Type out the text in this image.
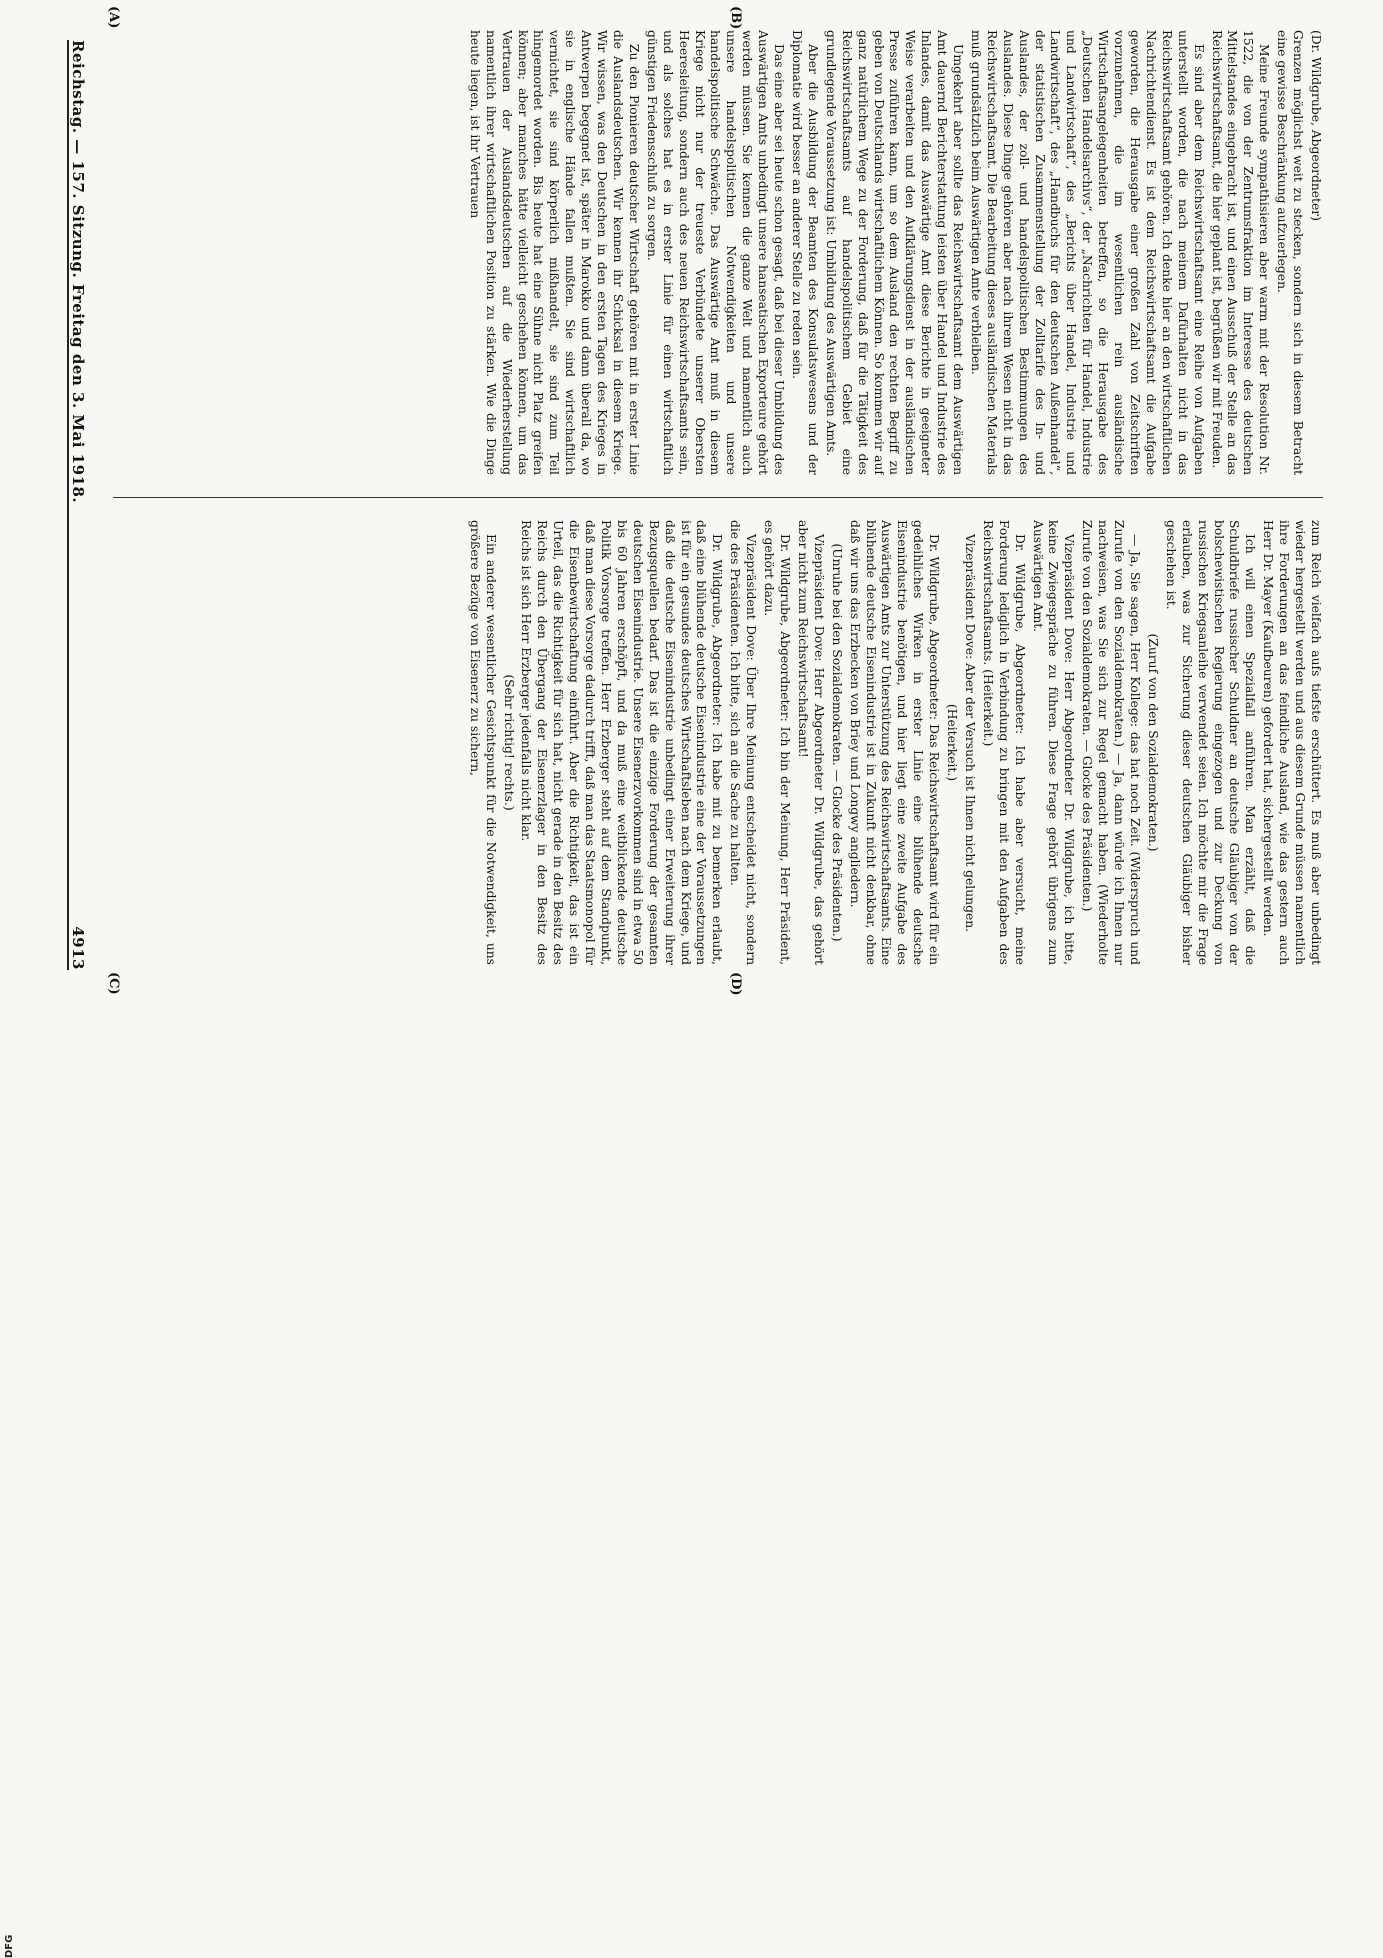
DFG
Reichstag. — 157. Sitzung. Freitag den 3. Mai 1918.
4913
(A)	(B)
(C)	(D)

(Dr. Wildgrube, Abgeordneter)

Grenzen möglichst weit zu stecken, sondern sich in diesem Betracht eine gewisse Beschränkung aufzuerlegen.

Meine Freunde sympathisieren aber warm mit der Resolution Nr. 1522, die von der Zentrumsfraktion im Interesse des deutschen Mittelstandes eingebracht ist, und einen Ausschuß der Stelle an das Reichswirtschaftsamt, die hier geplant ist, begrüßen wir mit Freuden.

Es sind aber dem Reichswirtschaftsamt eine Reihe von Aufgaben unterstellt worden, die nach meinem Dafürhalten nicht in das Reichswirtschaftsamt gehören. Ich denke hier an den wirtschaftlichen Nachrichtendienst. Es ist dem Reichswirtschaftsamt die Aufgabe geworden, die Herausgabe einer großen Zahl von Zeitschriften vorzunehmen, die im wesentlichen rein ausländische Wirtschaftsangelegenheiten betreffen, so die Herausgabe des „Deutschen Handelsarchivs“, der „Nachrichten für Handel, Industrie und Landwirtschaft“, des „Berichts über Handel, Industrie und Landwirtschaft“, des „Handbuchs für den deutschen Außenhandel“, der statistischen Zusammenstellung der Zolltarife des In- und Auslandes, der zoll- und handelspolitischen Bestimmungen des Auslandes. Diese Dinge gehören aber nach ihrem Wesen nicht in das Reichswirtschaftsamt. Die Bearbeitung dieses ausländischen Materials muß grundsätzlich beim Auswärtigen Amte verbleiben.

Umgekehrt aber sollte das Reichswirtschaftsamt dem Auswärtigen Amt dauernd Berichterstattung leisten über Handel und Industrie des Inlandes, damit das Auswärtige Amt diese Berichte in geeigneter Weise verarbeiten und den Aufklärungsdienst in der ausländischen Presse zuführen kann, um so dem Ausland den rechten Begriff zu geben von Deutschlands wirtschaftlichem Können. So kommen wir auf ganz natürlichem Wege zu der Forderung, daß für die Tätigkeit des Reichswirtschaftsamts auf handelspolitischem Gebiet eine grundlegende Voraussetzung ist: Umbildung des Auswärtigen Amts.

Aber die Ausbildung der Beamten des Konsulatswesens und der Diplomatie wird besser an anderer Stelle zu reden sein.

Das eine aber sei heute schon gesagt, daß bei dieser Umbildung des Auswärtigen Amts unbedingt unsere hanseatischen Exporteure gehört werden müssen. Sie kennen die ganze Welt und namentlich auch unsere handelspolitischen Notwendigkeiten und unsere handelspolitische Schwäche. Das Auswärtige Amt muß in diesem Kriege nicht nur der treueste Verbündete unserer Obersten Heeresleitung, sondern auch des neuen Reichswirtschaftsamts sein, und als solches hat es in erster Linie für einen wirtschaftlich günstigen Friedensschluß zu sorgen.

Zu den Pionieren deutscher Wirtschaft gehören mit in erster Linie die Auslandsdeutschen. Wir kennen ihr Schicksal in diesem Kriege. Wir wissen, was den Deutschen in den ersten Tagen des Krieges in Antwerpen begegnet ist, später in Marokko und dann überall da, wo sie in englische Hände fallen mußten. Sie sind wirtschaftlich vernichtet, sie sind körperlich mißhandelt, sie sind zum Teil hingemordet worden. Bis heute hat eine Sühne nicht Platz greifen können; aber manches hätte vielleicht geschehen können, um das Vertrauen der Auslandsdeutschen auf die Wiederherstellung namentlich ihrer wirtschaftlichen Position zu stärken. Wie die Dinge heute liegen, ist ihr Vertrauen

zum Reich vielfach aufs tiefste erschüttert. Es muß aber unbedingt wieder hergestellt werden und aus diesem Grunde müssen namentlich ihre Forderungen an das feindliche Ausland, wie das gestern auch Herr Dr. Mayer (Kaufbeuren) gefordert hat, sichergestellt werden.

Ich will einen Spezialfall anführen. Man erzählt, daß die Schuldbriefe russischer Schuldner an deutsche Gläubiger von der bolschewistischen Regierung eingezogen und zur Deckung von russischen Kriegsanleihe verwendet seien. Ich möchte mir die Frage erlauben, was zur Sicherung dieser deutschen Gläubiger bisher geschehen ist.

(Zuruf von den Sozialdemokraten.)

— Ja, Sie sagen, Herr Kollege: das hat noch Zeit. (Widerspruch und Zurufe von den Sozialdemokraten.) — Ja, dann würde ich Ihnen nur nachweisen, was Sie sich zur Regel gemacht haben. (Wiederholte Zurufe von den Sozialdemokraten. — Glocke des Präsidenten.)

Vizepräsident Dove: Herr Abgeordneter Dr. Wildgrube, ich bitte, keine Zwiegespräche zu führen. Diese Frage gehört übrigens zum Auswärtigen Amt.

Dr. Wildgrube, Abgeordneter: Ich habe aber versucht, meine Forderung lediglich in Verbindung zu bringen mit den Aufgaben des Reichswirtschaftsamts. (Heiterkeit.)

Vizepräsident Dove: Aber der Versuch ist Ihnen nicht gelungen.

(Heiterkeit.)

Dr. Wildgrube, Abgeordneter: Das Reichswirtschaftsamt wird für ein gedeihliches Wirken in erster Linie eine blühende deutsche Eisenindustrie benötigen, und hier liegt eine zweite Aufgabe des Auswärtigen Amts zur Unterstützung des Reichswirtschaftsamts. Eine blühende deutsche Eisenindustrie ist in Zukunft nicht denkbar, ohne daß wir uns das Erzbecken von Briey und Longwy angliedern.

(Unruhe bei den Sozialdemokraten. — Glocke des Präsidenten.)

Vizepräsident Dove: Herr Abgeordneter Dr. Wildgrube, das gehört aber nicht zum Reichswirtschaftsamt!

Dr. Wildgrube, Abgeordneter: Ich bin der Meinung, Herr Präsident, es gehört dazu.

Vizepräsident Dove: Über Ihre Meinung entscheidet nicht, sondern die des Präsidenten. Ich bitte, sich an die Sache zu halten.

Dr. Wildgrube, Abgeordneter: Ich habe mit zu bemerken erlaubt, daß eine blühende deutsche Eisenindustrie eine der Voraussetzungen ist für ein gesundes deutsches Wirtschaftsleben nach dem Kriege, und daß die deutsche Eisenindustrie unbedingt einer Erweiterung ihrer Bezugsquellen bedarf. Das ist die einzige Forderung der gesamten deutschen Eisenindustrie. Unsere Eisenerzvorkommen sind in etwa 50 bis 60 Jahren erschöpft, und da muß eine weitblickende deutsche Politik Vorsorge treffen. Herr Erzberger steht auf dem Standpunkt, daß man diese Vorsorge dadurch trifft, daß man das Staatsmonopol für die Eisenbewirtschaftung einführt. Aber die Richtigkeit, das ist ein Urteil, das die Richtigkeit für sich hat, nicht gerade in den Besitz des Reichs durch den Übergang der Eisenerzlager in den Besitz des Reichs ist sich Herr Erzberger jedenfalls nicht klar.

(Sehr richtig! rechts.)

Ein anderer wesentlicher Gesichtspunkt für die Notwendigkeit, uns größere Bezüge von Eisenerz zu sichern,
